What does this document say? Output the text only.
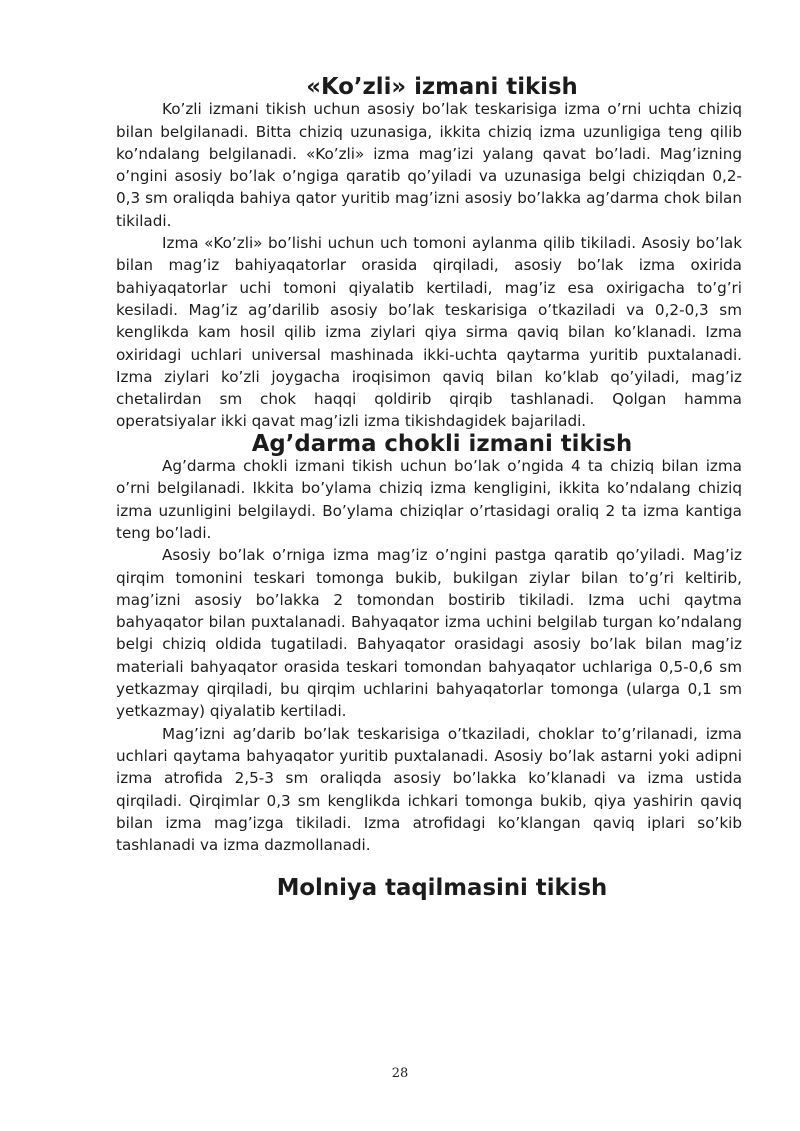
«Ko’zli» izmani tikish

Ko’zli izmani tikish uchun asosiy bo’lak teskarisiga izma o’rni uchta chiziq bilan belgilanadi. Bitta chiziq uzunasiga, ikkita chiziq izma uzunligiga teng qilib ko’ndalang belgilanadi. «Ko’zli» izma mag’izi yalang qavat bo’ladi. Mag’izning o’ngini asosiy bo’lak o’ngiga qaratib qo’yiladi va uzunasiga belgi chiziqdan 0,2-0,3 sm oraliqda bahiya qator yuritib mag’izni asosiy bo’lakka ag’darma chok bilan tikiladi.

Izma «Ko’zli» bo’lishi uchun uch tomoni aylanma qilib tikiladi. Asosiy bo’lak bilan mag’iz bahiyaqatorlar orasida qirqiladi, asosiy bo’lak izma oxirida bahiyaqatorlar uchi tomoni qiyalatib kertiladi, mag’iz esa oxirigacha to’g’ri kesiladi. Mag’iz ag’darilib asosiy bo’lak teskarisiga o’tkaziladi va 0,2-0,3 sm kenglikda kam hosil qilib izma ziylari qiya sirma qaviq bilan ko’klanadi. Izma oxiridagi uchlari universal mashinada ikki-uchta qaytarma yuritib puxtalanadi. Izma ziylari ko’zli joygacha iroqisimon qaviq bilan ko’klab qo’yiladi, mag’iz chetalirdan sm chok haqqi qoldirib qirqib tashlanadi. Qolgan hamma operatsiyalar ikki qavat mag’izli izma tikishdagidek bajariladi.

Ag’darma chokli izmani tikish

Ag’darma chokli izmani tikish uchun bo’lak o’ngida 4 ta chiziq bilan izma o’rni belgilanadi. Ikkita bo’ylama chiziq izma kengligini, ikkita ko’ndalang chiziq izma uzunligini belgilaydi. Bo’ylama chiziqlar o’rtasidagi oraliq 2 ta izma kantiga teng bo’ladi.

Asosiy bo’lak o’rniga izma mag’iz o’ngini pastga qaratib qo’yiladi. Mag’iz qirqim tomonini teskari tomonga bukib, bukilgan ziylar bilan to’g’ri keltirib, mag’izni asosiy bo’lakka 2 tomondan bostirib tikiladi. Izma uchi qaytma bahyaqator bilan puxtalanadi. Bahyaqator izma uchini belgilab turgan ko’ndalang belgi chiziq oldida tugatiladi. Bahyaqator orasidagi asosiy bo’lak bilan mag’iz materiali bahyaqator orasida teskari tomondan bahyaqator uchlariga 0,5-0,6 sm yetkazmay qirqiladi, bu qirqim uchlarini bahyaqatorlar tomonga (ularga 0,1 sm yetkazmay) qiyalatib kertiladi.

Mag’izni ag’darib bo’lak teskarisiga o’tkaziladi, choklar to’g’rilanadi, izma uchlari qaytama bahyaqator yuritib puxtalanadi. Asosiy bo’lak astarni yoki adipni izma atrofida 2,5-3 sm oraliqda asosiy bo’lakka ko’klanadi va izma ustida qirqiladi. Qirqimlar 0,3 sm kenglikda ichkari tomonga bukib, qiya yashirin qaviq bilan izma mag’izga tikiladi. Izma atrofidagi ko’klangan qaviq iplari so’kib tashlanadi va izma dazmollanadi.

Molniya taqilmasini tikish
28
